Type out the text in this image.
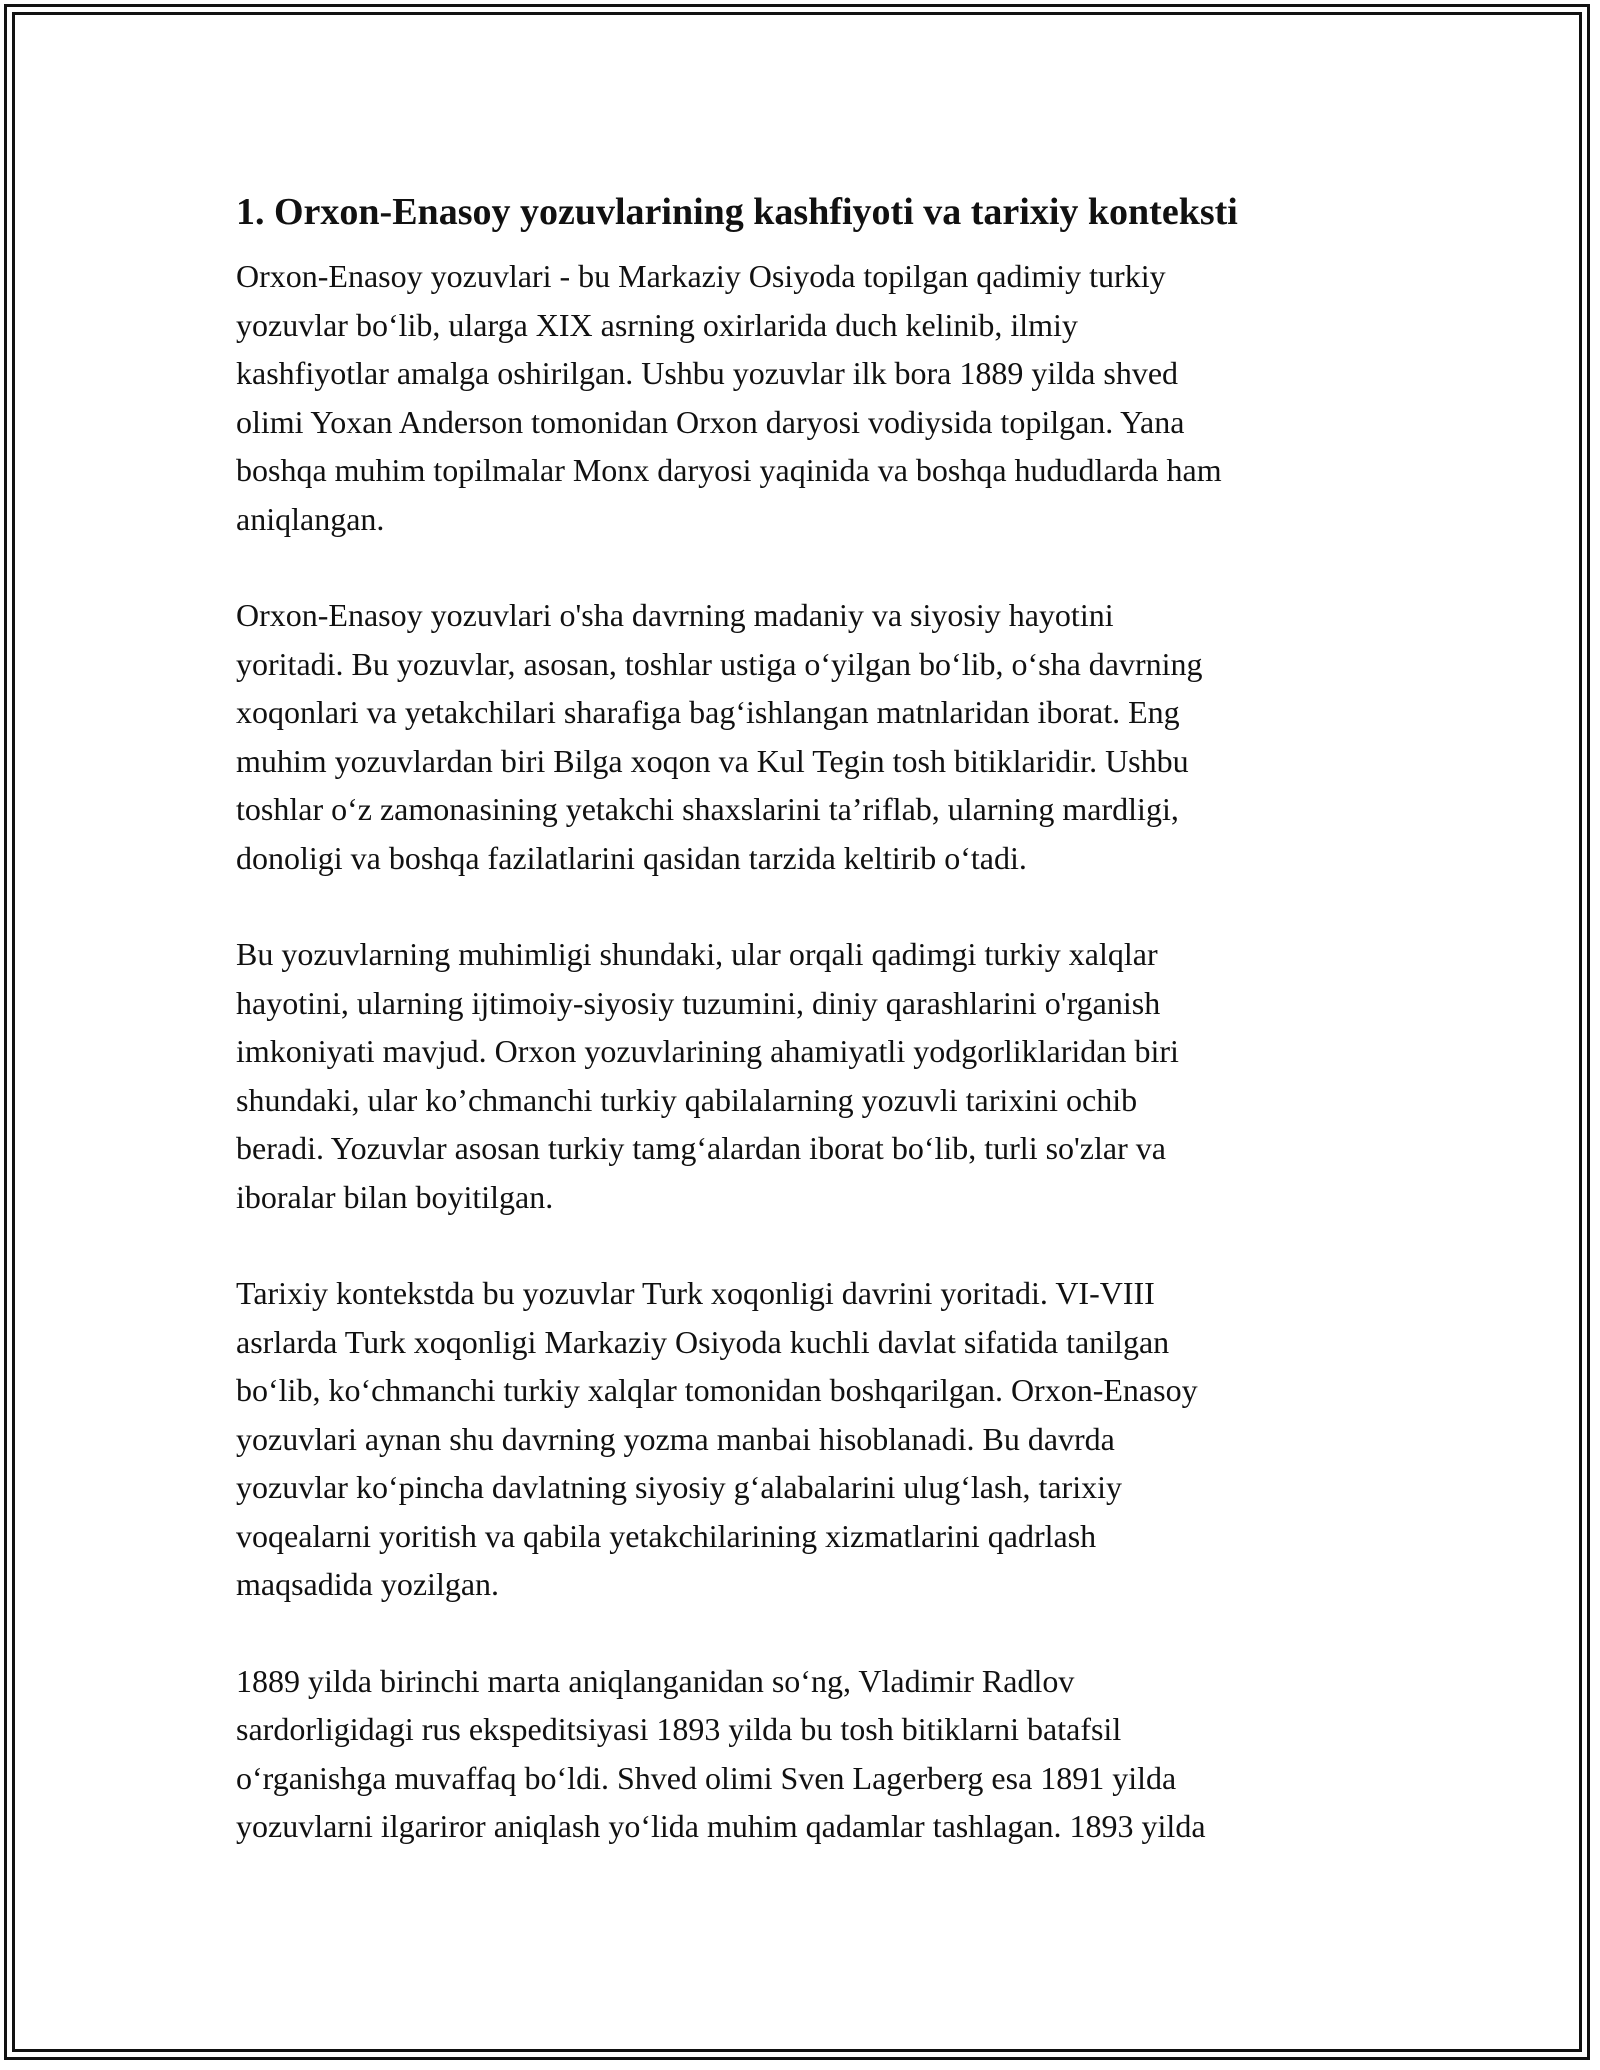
1. Orxon-Enasoy yozuvlarining kashfiyoti va tarixiy konteksti

Orxon-Enasoy yozuvlari - bu Markaziy Osiyoda topilgan qadimiy turkiy
yozuvlar bo‘lib, ularga XIX asrning oxirlarida duch kelinib, ilmiy
kashfiyotlar amalga oshirilgan. Ushbu yozuvlar ilk bora 1889 yilda shved
olimi Yoxan Anderson tomonidan Orxon daryosi vodiysida topilgan. Yana
boshqa muhim topilmalar Monx daryosi yaqinida va boshqa hududlarda ham
aniqlangan.

Orxon-Enasoy yozuvlari o'sha davrning madaniy va siyosiy hayotini
yoritadi. Bu yozuvlar, asosan, toshlar ustiga o‘yilgan bo‘lib, o‘sha davrning
xoqonlari va yetakchilari sharafiga bag‘ishlangan matnlaridan iborat. Eng
muhim yozuvlardan biri Bilga xoqon va Kul Tegin tosh bitiklaridir. Ushbu
toshlar o‘z zamonasining yetakchi shaxslarini ta’riflab, ularning mardligi,
donoligi va boshqa fazilatlarini qasidan tarzida keltirib o‘tadi.

Bu yozuvlarning muhimligi shundaki, ular orqali qadimgi turkiy xalqlar
hayotini, ularning ijtimoiy-siyosiy tuzumini, diniy qarashlarini o'rganish
imkoniyati mavjud. Orxon yozuvlarining ahamiyatli yodgorliklaridan biri
shundaki, ular ko’chmanchi turkiy qabilalarning yozuvli tarixini ochib
beradi. Yozuvlar asosan turkiy tamg‘alardan iborat bo‘lib, turli so'zlar va
iboralar bilan boyitilgan.

Tarixiy kontekstda bu yozuvlar Turk xoqonligi davrini yoritadi. VI-VIII
asrlarda Turk xoqonligi Markaziy Osiyoda kuchli davlat sifatida tanilgan
bo‘lib, ko‘chmanchi turkiy xalqlar tomonidan boshqarilgan. Orxon-Enasoy
yozuvlari aynan shu davrning yozma manbai hisoblanadi. Bu davrda
yozuvlar ko‘pincha davlatning siyosiy g‘alabalarini ulug‘lash, tarixiy
voqealarni yoritish va qabila yetakchilarining xizmatlarini qadrlash
maqsadida yozilgan.

1889 yilda birinchi marta aniqlanganidan so‘ng, Vladimir Radlov
sardorligidagi rus ekspeditsiyasi 1893 yilda bu tosh bitiklarni batafsil
o‘rganishga muvaffaq bo‘ldi. Shved olimi Sven Lagerberg esa 1891 yilda
yozuvlarni ilgariror aniqlash yo‘lida muhim qadamlar tashlagan. 1893 yilda
